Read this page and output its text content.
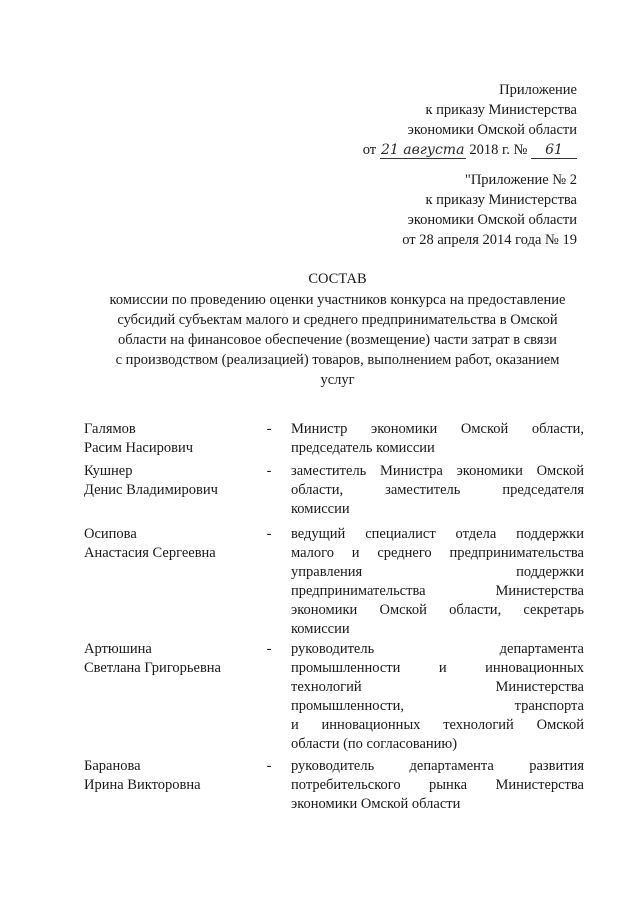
Приложение
к приказу Министерства
экономики Омской области
от 21 августа 2018 г. № 61
"Приложение № 2
к приказу Министерства
экономики Омской области
от 28 апреля 2014 года № 19
СОСТАВ
комиссии по проведению оценки участников конкурса на предоставление
субсидий субъектам малого и среднего предпринимательства в Омской
области на финансовое обеспечение (возмещение) части затрат в связи
с производством (реализацией) товаров, выполнением работ, оказанием
услуг
Галямов
Расим Насирович
- Министр экономики Омской области,
председатель комиссии
Кушнер
Денис Владимирович
- заместитель Министра экономики Омской
области, заместитель председателя
комиссии
Осипова
Анастасия Сергеевна
- ведущий специалист отдела поддержки
малого и среднего предпринимательства
управления поддержки
предпринимательства Министерства
экономики Омской области, секретарь
комиссии
Артюшина
Светлана Григорьевна
- руководитель департамента
промышленности и инновационных
технологий Министерства
промышленности, транспорта
и инновационных технологий Омской
области (по согласованию)
Баранова
Ирина Викторовна
- руководитель департамента развития
потребительского рынка Министерства
экономики Омской области
